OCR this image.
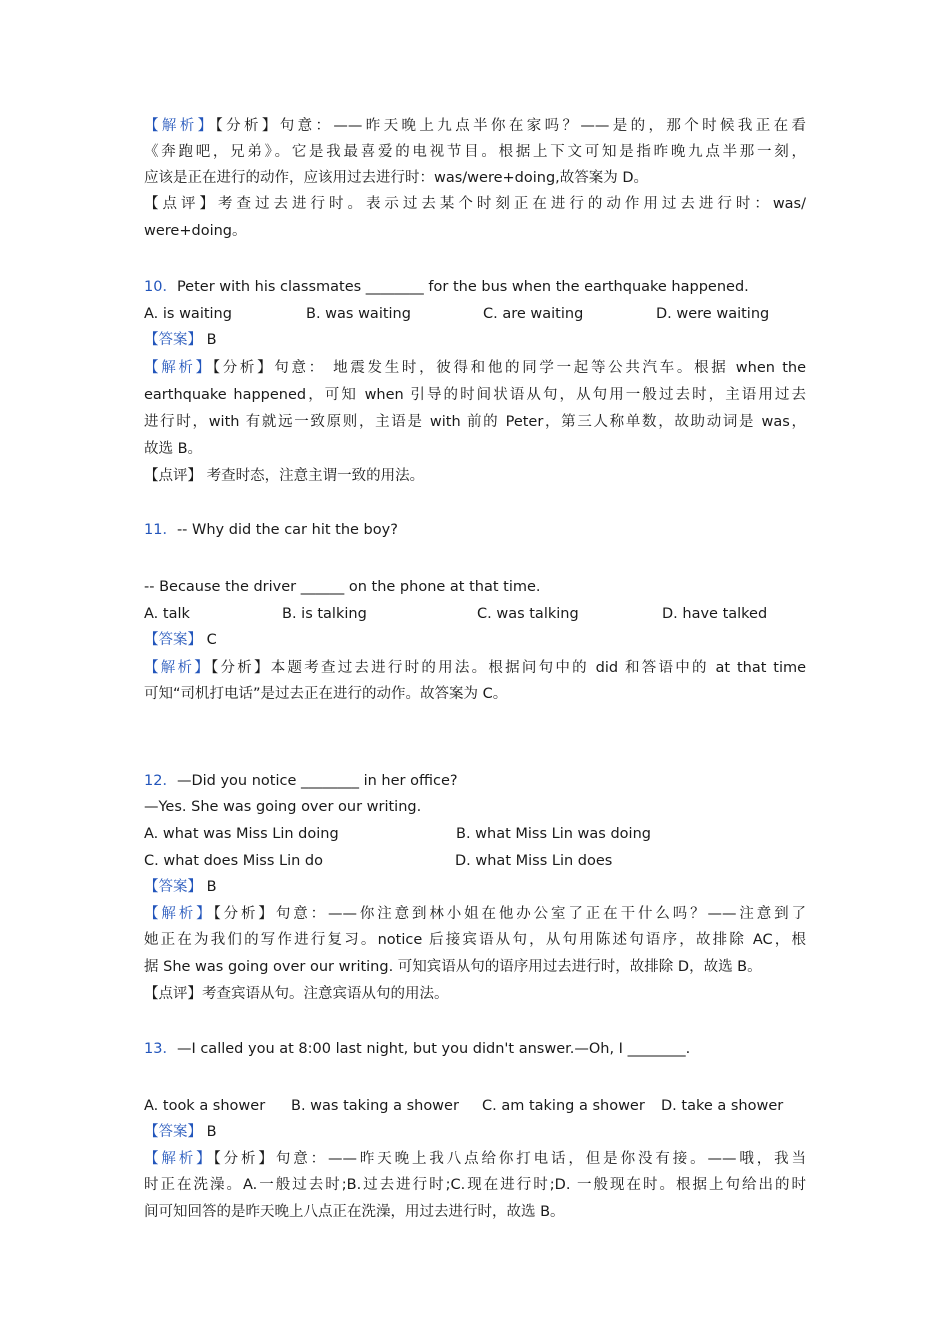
【解析】【分析】句意：——昨天晚上九点半你在家吗？——是的，那个时候我正在看
《奔跑吧，兄弟》。它是我最喜爱的电视节目。根据上下文可知是指昨晚九点半那一刻，
应该是正在进行的动作，应该用过去进行时：was/were+doing,故答案为 D。
【点评】考查过去进行时。表示过去某个时刻正在进行的动作用过去进行时：was/
were+doing。
10．Peter with his classmates ________ for the bus when the earthquake happened.
A. is waiting	B. was waiting	C. are waiting	D. were waiting
【答案】 B
【解析】【分析】句意： 地震发生时，彼得和他的同学一起等公共汽车。根据 when the
earthquake happened，可知 when 引导的时间状语从句，从句用一般过去时，主语用过去
进行时，with 有就远一致原则，主语是 with 前的 Peter，第三人称单数，故助动词是 was，
故选 B。
【点评】 考查时态，注意主谓一致的用法。
11．-- Why did the car hit the boy?
-- Because the driver ______ on the phone at that time.
A. talk	B. is talking	C. was talking	D. have talked
【答案】 C
【解析】【分析】本题考查过去进行时的用法。根据问句中的 did 和答语中的 at that time
可知“司机打电话”是过去正在进行的动作。故答案为 C。
12．—Did you notice ________ in her office?
—Yes. She was going over our writing.
A. what was Miss Lin doing	B. what Miss Lin was doing
C. what does Miss Lin do	D. what Miss Lin does
【答案】 B
【解析】【分析】句意：——你注意到林小姐在他办公室了正在干什么吗？——注意到了
她正在为我们的写作进行复习。notice 后接宾语从句，从句用陈述句语序，故排除 AC，根
据 She was going over our writing. 可知宾语从句的语序用过去进行时，故排除 D，故选 B。
【点评】考查宾语从句。注意宾语从句的用法。
13．—I called you at 8:00 last night, but you didn't answer.—Oh, I ________.
A. took a shower B. was taking a shower C. am taking a shower D. take a shower
【答案】 B
【解析】【分析】句意：——昨天晚上我八点给你打电话，但是你没有接。——哦，我当
时正在洗澡。A.一般过去时;B.过去进行时;C.现在进行时;D. 一般现在时。根据上句给出的时
间可知回答的是昨天晚上八点正在洗澡，用过去进行时，故选 B。
